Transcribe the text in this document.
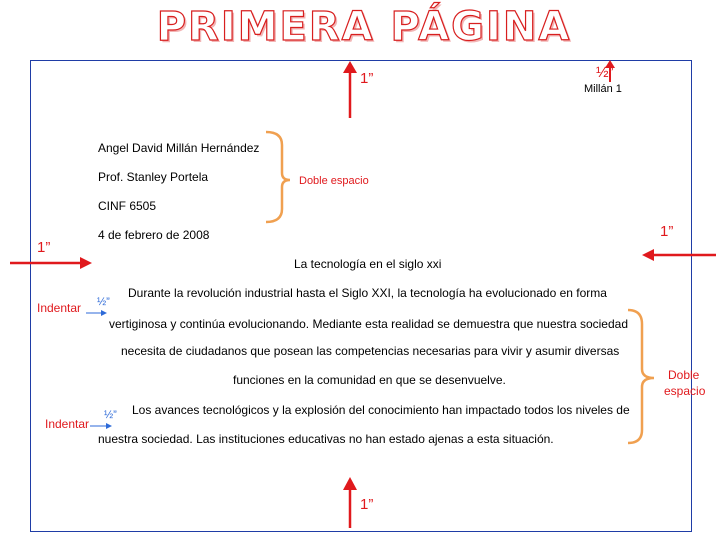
PRIMERA PÁGINA
1”	½”
1”
1”
1”
Millán 1
Angel David Millán Hernández
Prof. Stanley Portela
CINF 6505
4 de febrero de 2008
Doble espacio
La tecnología en el siglo xxi
Durante la revolución industrial hasta el Siglo XXI, la tecnología ha evolucionado en forma
vertiginosa y continúa evolucionando. Mediante esta realidad se demuestra que nuestra sociedad
necesita de ciudadanos que posean las competencias necesarias para vivir y asumir diversas
funciones en la comunidad en que se desenvuelve.
Los avances tecnológicos y la explosión del conocimiento han impactado todos los niveles de
nuestra sociedad. Las instituciones educativas no han estado ajenas a esta situación.
Indentar ½”
Indentar
½”
Doble
espacio
